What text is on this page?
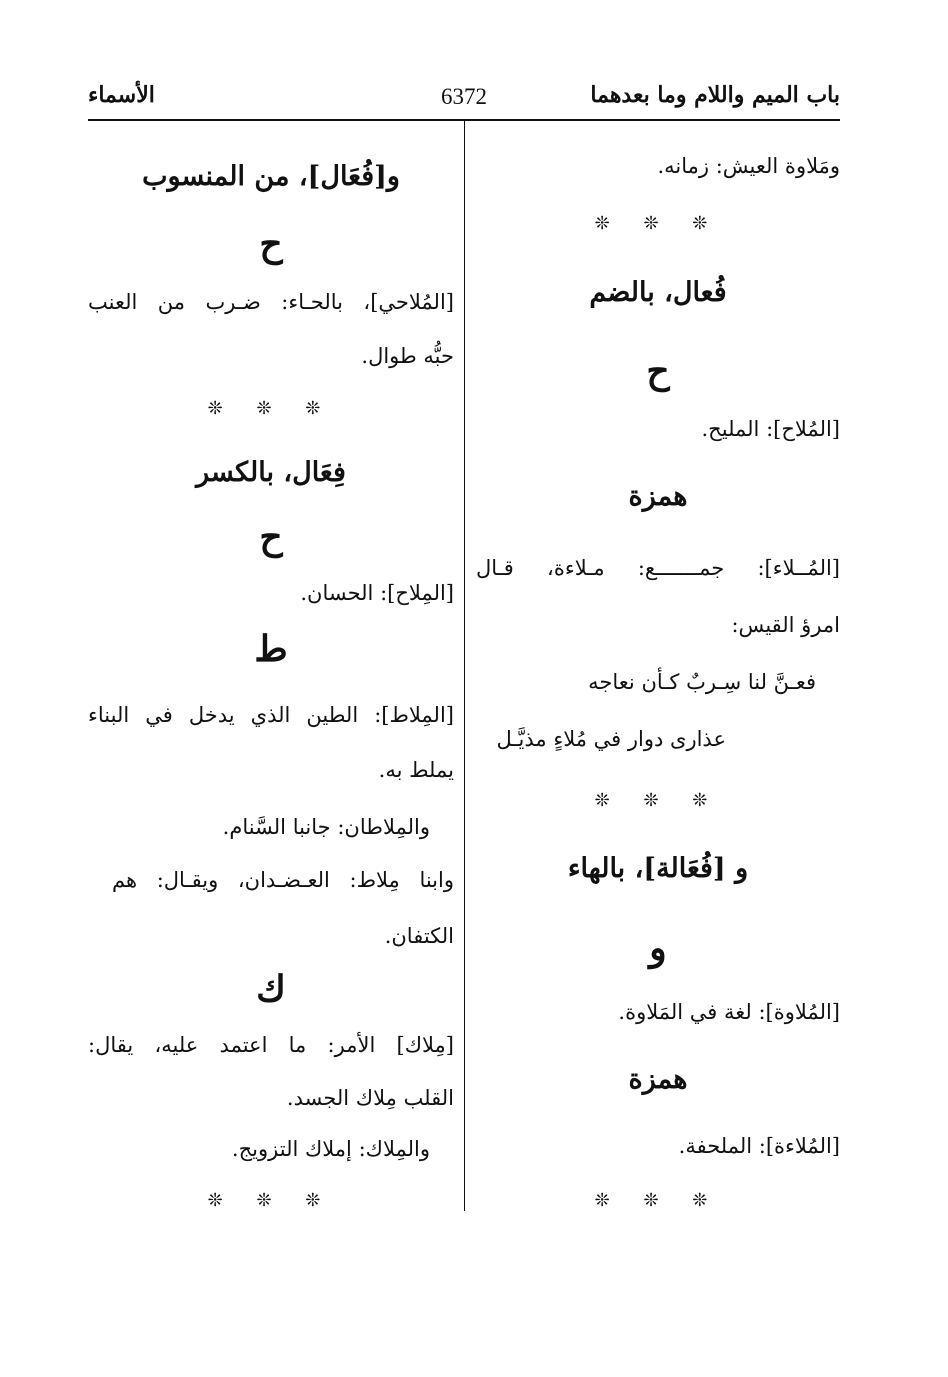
باب الميم واللام وما بعدهما
6372
الأسماء
ومَلاوة العيش: زمانه.
❊ ❊ ❊
فُعال، بالضم
ح
[المُلاح]: المليح.
همزة
[المُــلاء]: جمـــــــع: مـلاءة، قـال
امرؤ القيس:
فعـنَّ لنا سِـربٌ كـأن نعاجه
عذارى دوار في مُلاءٍ مذيَّـل
❊ ❊ ❊
و [فُعَالة]، بالهاء
و
[المُلاوة]: لغة في المَلاوة.
همزة
[المُلاءة]: الملحفة.
❊ ❊ ❊
و[فُعَال]، من المنسوب
ح
[المُلاحي]، بالحـاء: ضـرب من العنب
حبُّه طوال.
❊ ❊ ❊
فِعَال، بالكسر
ح
[المِلاح]: الحسان.
ط
[المِلاط]: الطين الذي يدخل في البناء
يملط به.
والمِلاطان: جانبا السَّنام.
وابنا مِلاط: العـضـدان، ويقـال: هم
الكتفان.
ك
[مِلاك] الأمر: ما اعتمد عليه، يقال:
القلب مِلاك الجسد.
والمِلاك: إملاك التزويج.
❊ ❊ ❊
